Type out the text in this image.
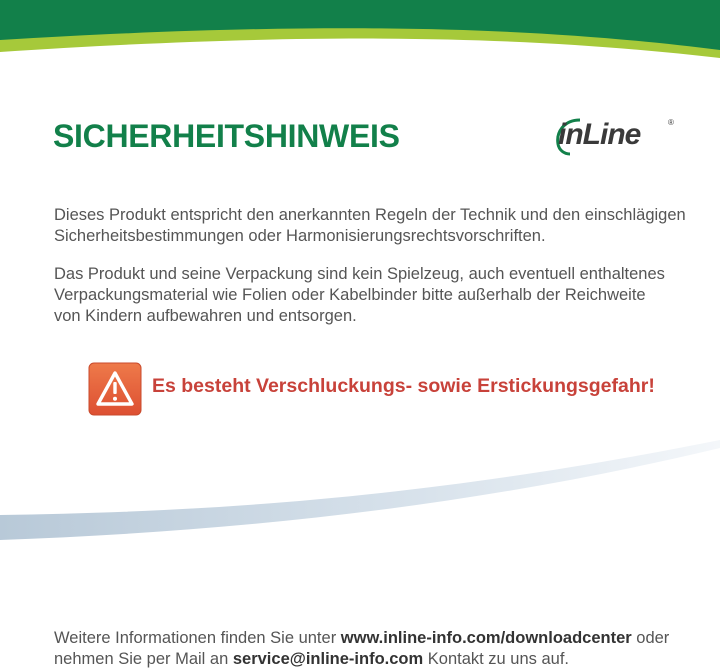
SICHERHEITSHINWEIS	inLine	®
Dieses Produkt entspricht den anerkannten Regeln der Technik und den einschlägigen
Sicherheitsbestimmungen oder Harmonisierungsrechtsvorschriften.
Das Produkt und seine Verpackung sind kein Spielzeug, auch eventuell enthaltenes
Verpackungsmaterial wie Folien oder Kabelbinder bitte außerhalb der Reichweite
von Kindern aufbewahren und entsorgen.

Es besteht Verschluckungs- sowie Erstickungsgefahr!

Weitere Informationen finden Sie unter www.inline-info.com/downloadcenter oder
nehmen Sie per Mail an service@inline-info.com Kontakt zu uns auf.
